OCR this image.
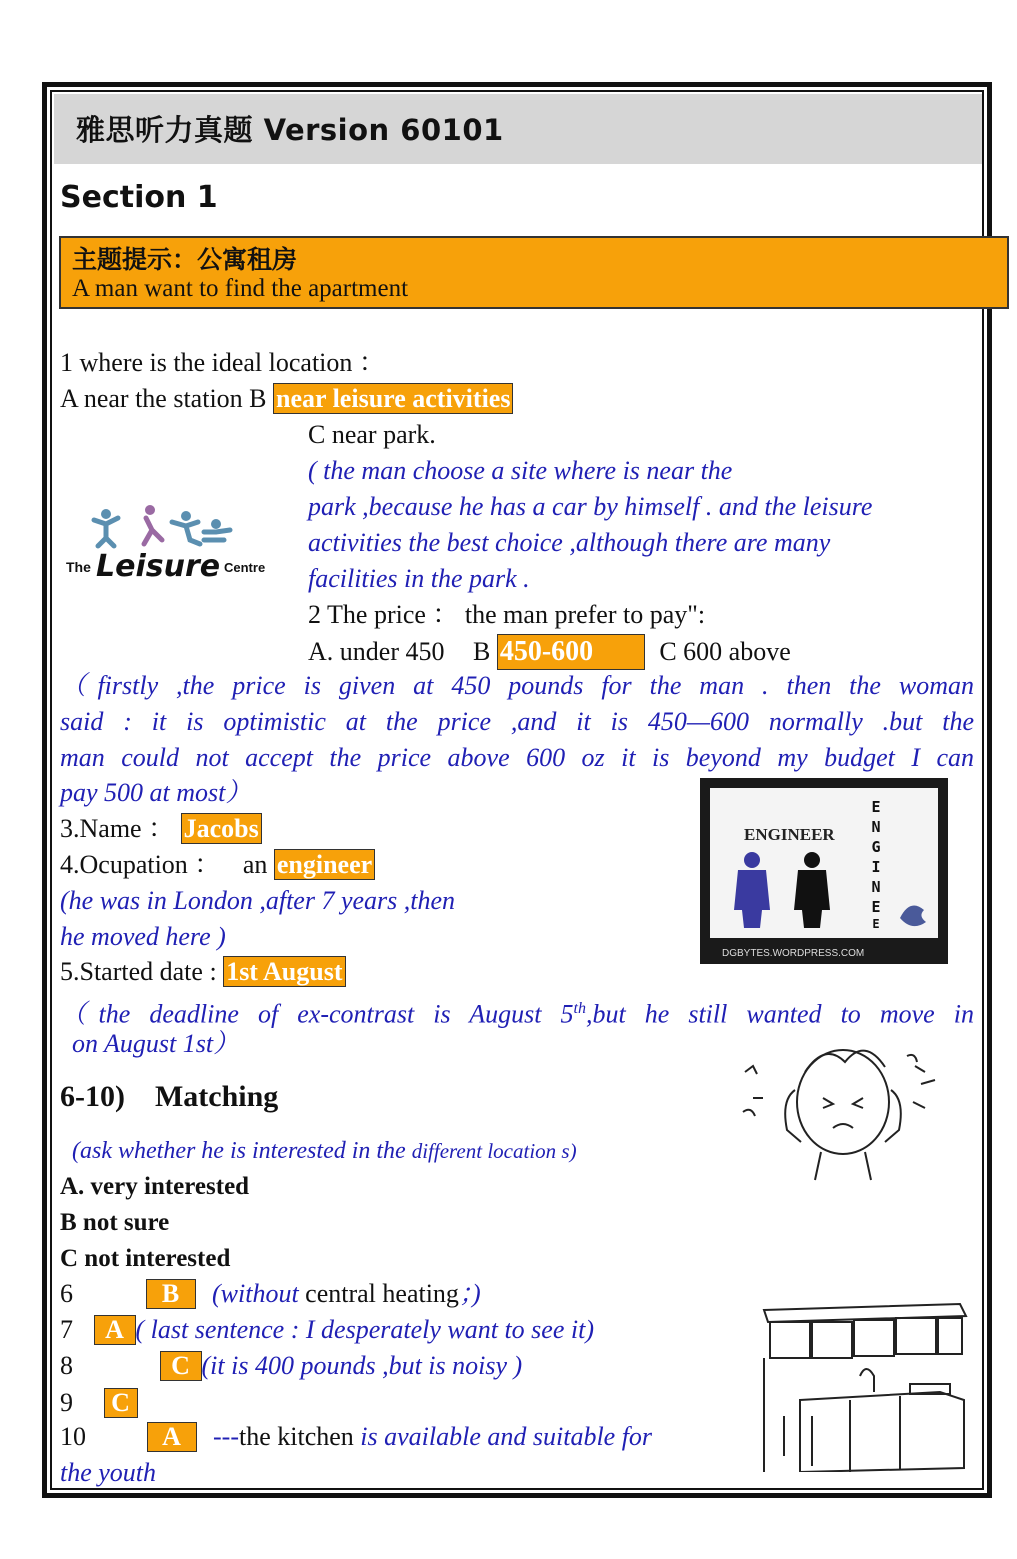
雅思听力真题 Version 60101
Section 1
主题提示：公寓租房
A man want to find the apartment
1 where is the ideal location ：
A near the station B near leisure activities
C near park.
( the man choose a site where is near the
park ,because he has a car by himself . and the leisure
activities the best choice ,although there are many
facilities in the park .
The Leisure Centre
2 The price ： the man prefer to pay":
A. under 450 B 450-600	C 600 above
（firstly ,the price is given at 450 pounds for the man . then the woman
said : it is optimistic at the price ,and it is 450—600 normally .but the
man could not accept the price above 600 oz it is beyond my budget I can
pay 500 at most）
3.Name ： Jacobs
4.Ocupation ： an engineer
(he was in London ,after 7 years ,then
he moved here )
ENGINEER
E
N
G
I
N
E
E
DGBYTES.WORDPRESS.COM
5.Started date : 1st August
（the deadline of ex-contrast is August 5th,but he still wanted to move in
on August 1st）
6-10)    Matching
(ask whether he is interested in the different location s)
A. very interested
B not sure
C not interested
6	B (without central heating；)
7 A ( last sentence : I desperately want to see it)
8	C (it is 400 pounds ,but is noisy )
9 C
10	A ---the kitchen is available and suitable for
the youth
